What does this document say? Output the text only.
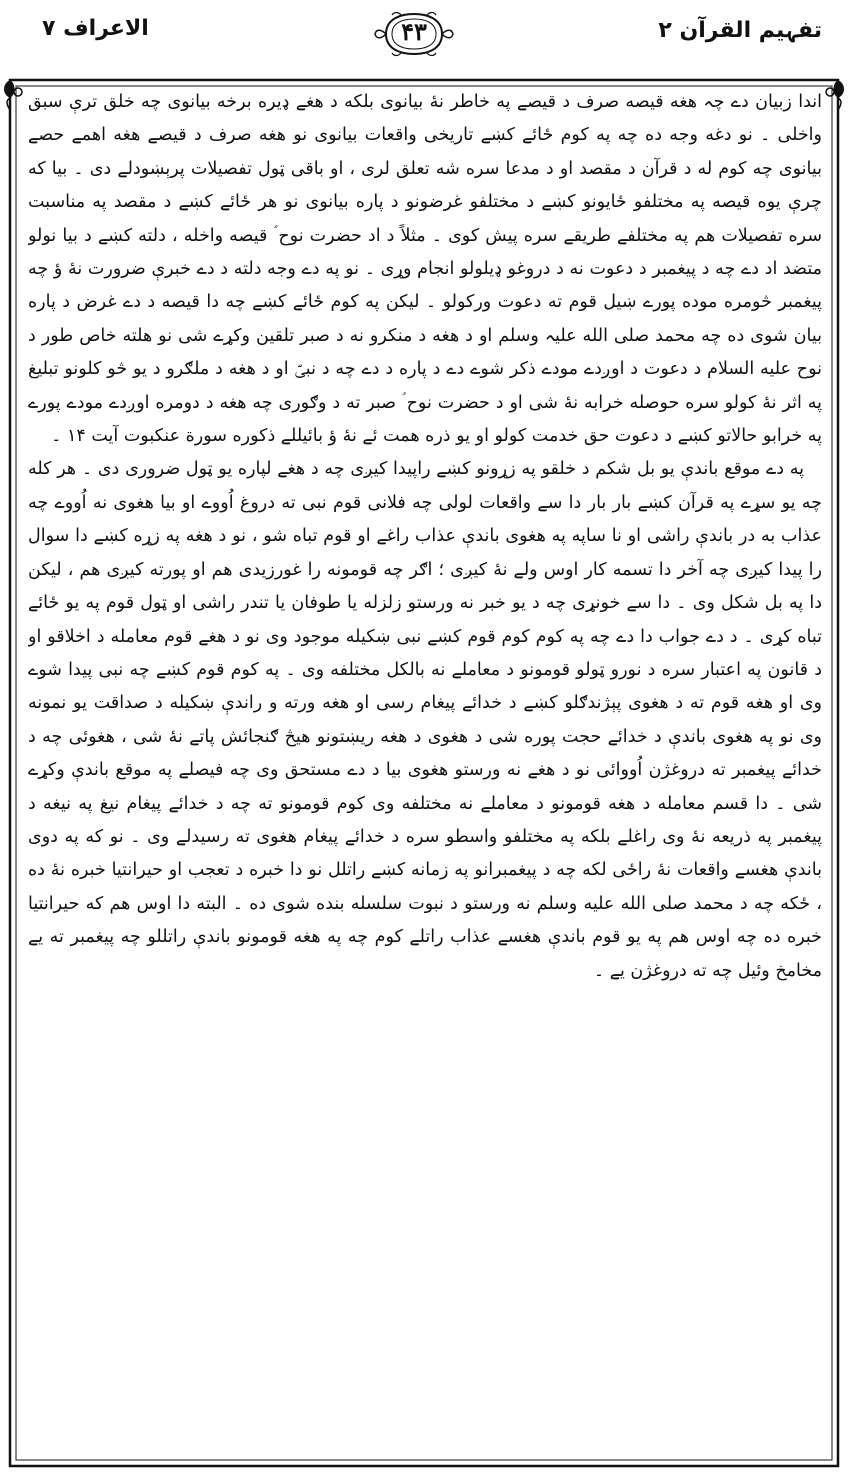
تفہیم القرآن ۲
۴۳
الاعراف ۷

اندا زبیان دے چہ هغه قیصه صرف د قیصے په خاطر نۀ بیانوی بلکه د هغے ډیره برخه بیانوی چه خلق ترې سبق واخلی ۔ نو دغه وجه ده چه په کوم ځائے کښے تاریخی واقعات بیانوی نو هغه صرف د قیصے هغه اهمے حصے بیانوی چه کوم له د قرآن د مقصد او د مدعا سره شه تعلق لری ، او باقی ټول تفصیلات پرېښودلے دی ۔ بیا که چرې یوه قیصه په مختلفو ځایونو کښے د مختلفو غرضونو د پاره بیانوی نو هر ځائے کښے د مقصد په مناسبت سره تفصیلات هم په مختلفے طریقے سره پیش کوی ۔ مثلاً د اد حضرت نوح ؑ قیصه واخله ، دلته کښے د بیا نولو متضد اد دے چه د پیغمبر د دعوت نه د دروغو ډیلولو انجام وړی ۔ نو په دے وجه دلته د دے خبرې ضرورت نۀ ؤ چه پیغمبر څومره موده پورے ښیل قوم ته دعوت ورکولو ۔ لیکن په کوم ځائے کښے چه دا قیصه د دے غرض د پاره بیان شوی ده چه محمد صلی الله علیہ وسلم او د هغه د منکرو نه د صبر تلقین وکړے شی نو هلته خاص طور د نوح علیه السلام د دعوت د اوږدے مودے ذکر شوے دے د پاره د دے چه د نبیؐ او د هغه د ملګرو د یو څو کلونو تبلیغ په اثر نۀ کولو سره حوصله خرابه نۀ شی او د حضرت نوح ؑ صبر ته د وګوری چه هغه د دومره اوږدے مودے پورے په خرابو حالاتو کښے د دعوت حق خدمت کولو او یو ذره همت ئے نۀ ؤ بائیللے ذکوره سورة عنکبوت آیت ۱۴ ۔

په دے موقع باندې یو بل شکم د خلقو په زړونو کښے راپیدا کیږی چه د هغے لپاره یو ټول ضروری دی ۔ هر کله چه یو سړے په قرآن کښے بار بار دا سے واقعات لولی چه فلانی قوم نبی ته دروغ اُووے او بیا هغوی نه اُووے چه عذاب به در باندې راشی او نا ساپه په هغوی باندې عذاب راغے او قوم تباه شو ، نو د هغه په زړه کښے دا سوال را پیدا کیږی چه آخر دا تسمه کار اوس ولے نۀ کیږی ؛ اګر چه قومونه را غورزیدی هم او پورته کیږی هم ، لیکن دا په بل شکل وی ۔ دا سے خونړی چه د یو خبر نه ورستو زلزله یا طوفان یا تندر راشی او ټول قوم په یو ځائے تباه کړی ۔ د دے جواب دا دے چه په کوم کوم قوم کښے نبی ښکیله موجود وی نو د هغے قوم معامله د اخلاقو او د قانون په اعتبار سره د نورو ټولو قومونو د معاملے نه بالکل مختلفه وی ۔ په کوم قوم کښے چه نبی پیدا شوے وی او هغه قوم ته د هغوی پېژندګلو کښے د خدائے پیغام رسی او هغه ورته و راندې ښکیله د صداقت یو نمونه وی نو په هغوی باندې د خدائے حجت پوره شی د هغوی د هغه ریښتونو هیڅ ګنجائش پاتے نۀ شی ، هغوئی چه د خدائے پیغمبر ته دروغژن اُووائی نو د هغے نه ورستو هغوی بیا د دے مستحق وی چه فیصلے په موقع باندې وکړے شی ۔ دا قسم معامله د هغه قومونو د معاملے نه مختلفه وی کوم قومونو ته چه د خدائے پیغام نیغ په نیغه د پیغمبر په ذریعه نۀ وی راغلے بلکه په مختلفو واسطو سره د خدائے پیغام هغوی ته رسیدلے وی ۔ نو که په دوی باندې هغسے واقعات نۀ راځی لکه چه د پیغمبرانو په زمانه کښے راتلل نو دا خبره د تعجب او حیرانتیا خبره نۀ ده ، ځکه چه د محمد صلی الله علیه وسلم نه ورستو د نبوت سلسله بنده شوی ده ۔ البته دا اوس هم که حیرانتیا خبره ده چه اوس هم په یو قوم باندې هغسے عذاب راتلے کوم چه په هغه قومونو باندې راتللو چه پیغمبر ته یے مخامخ وئیل چه ته دروغژن یے ۔
